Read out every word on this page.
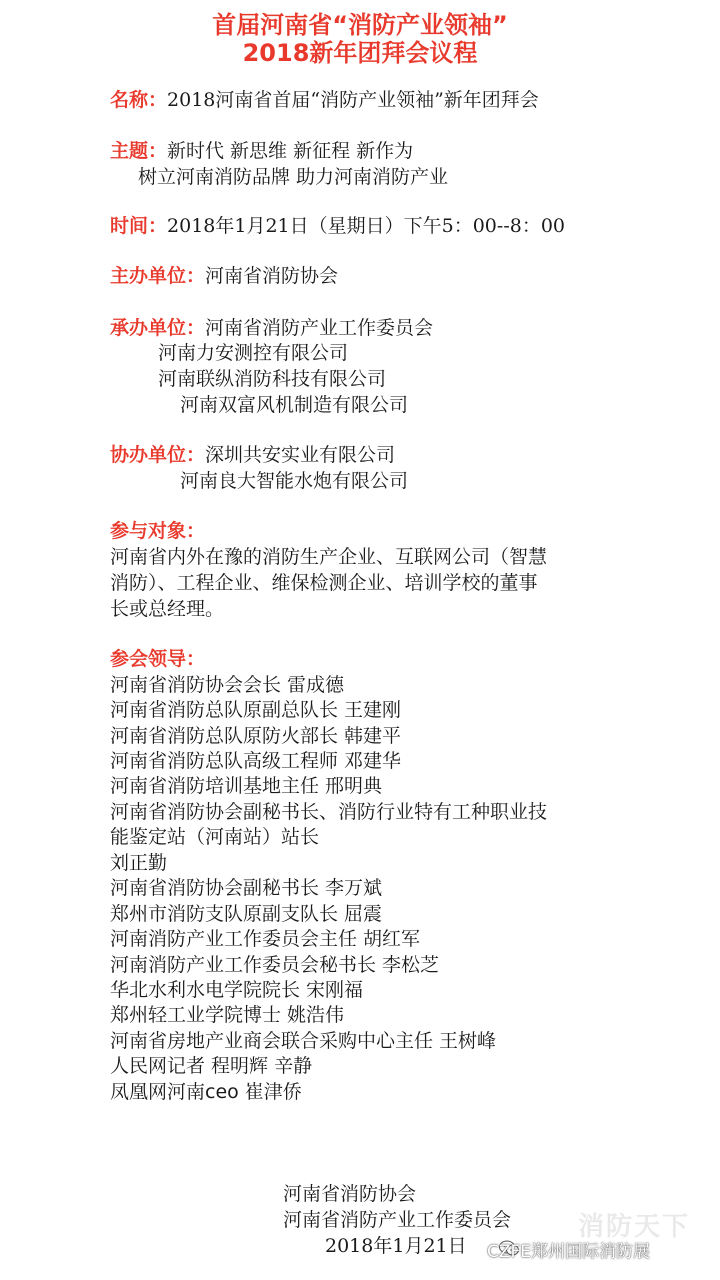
首届河南省“消防产业领袖”
2018新年团拜会议程
名称：2018河南省首届“消防产业领袖”新年团拜会
主题：新时代 新思维 新征程 新作为
树立河南消防品牌 助力河南消防产业
时间：2018年1月21日（星期日）下午5：00--8：00
主办单位：河南省消防协会
承办单位：河南省消防产业工作委员会
河南力安测控有限公司
河南联纵消防科技有限公司
河南双富风机制造有限公司
协办单位：深圳共安实业有限公司
河南良大智能水炮有限公司
参与对象：
河南省内外在豫的消防生产企业、互联网公司（智慧
消防）、工程企业、维保检测企业、培训学校的董事
长或总经理。
参会领导：
河南省消防协会会长 雷成德
河南省消防总队原副总队长 王建刚
河南省消防总队原防火部长 韩建平
河南省消防总队高级工程师 邓建华
河南省消防培训基地主任 邢明典
河南省消防协会副秘书长、消防行业特有工种职业技
能鉴定站（河南站）站长
刘正勤
河南省消防协会副秘书长 李万斌
郑州市消防支队原副支队长 屈震
河南消防产业工作委员会主任 胡红军
河南消防产业工作委员会秘书长 李松芝
华北水利水电学院院长 宋刚福
郑州轻工业学院博士 姚浩伟
河南省房地产业商会联合采购中心主任 王树峰
人民网记者 程明辉 辛静
凤凰网河南ceo 崔津侨
河南省消防协会
河南省消防产业工作委员会
2018年1月21日
消防天下
CZFE郑州国际消防展
